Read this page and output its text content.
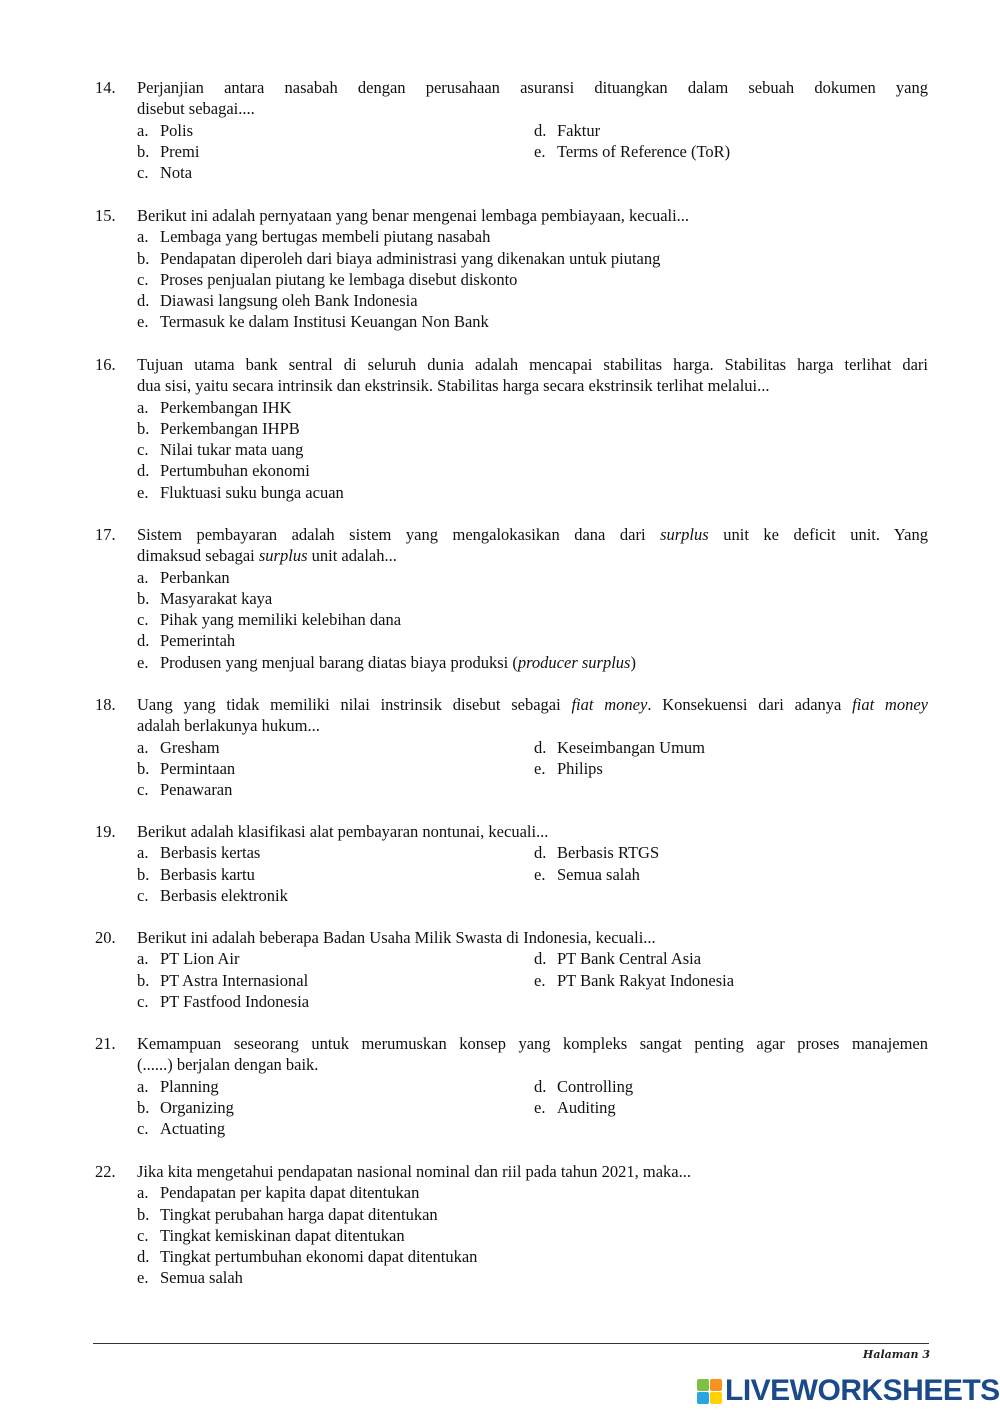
14.	Perjanjian antara nasabah dengan perusahaan asuransi dituangkan dalam sebuah dokumen yang
disebut sebagai....
a. Polis
b. Premi
c. Nota
d. Faktur
e. Terms of Reference (ToR)
15.	Berikut ini adalah pernyataan yang benar mengenai lembaga pembiayaan, kecuali...
a. Lembaga yang bertugas membeli piutang nasabah
b. Pendapatan diperoleh dari biaya administrasi yang dikenakan untuk piutang
c. Proses penjualan piutang ke lembaga disebut diskonto
d. Diawasi langsung oleh Bank Indonesia
e. Termasuk ke dalam Institusi Keuangan Non Bank
16.	Tujuan utama bank sentral di seluruh dunia adalah mencapai stabilitas harga. Stabilitas harga terlihat dari
dua sisi, yaitu secara intrinsik dan ekstrinsik. Stabilitas harga secara ekstrinsik terlihat melalui...
a. Perkembangan IHK
b. Perkembangan IHPB
c. Nilai tukar mata uang
d. Pertumbuhan ekonomi
e. Fluktuasi suku bunga acuan
17.	Sistem pembayaran adalah sistem yang mengalokasikan dana dari surplus unit ke deficit unit. Yang
dimaksud sebagai surplus unit adalah...
a. Perbankan
b. Masyarakat kaya
c. Pihak yang memiliki kelebihan dana
d. Pemerintah
e. Produsen yang menjual barang diatas biaya produksi (producer surplus)
18.	Uang yang tidak memiliki nilai instrinsik disebut sebagai fiat money. Konsekuensi dari adanya fiat money
adalah berlakunya hukum...
a. Gresham
b. Permintaan
c. Penawaran
d. Keseimbangan Umum
e. Philips
19.	Berikut adalah klasifikasi alat pembayaran nontunai, kecuali...
a. Berbasis kertas
b. Berbasis kartu
c. Berbasis elektronik
d. Berbasis RTGS
e. Semua salah
20.	Berikut ini adalah beberapa Badan Usaha Milik Swasta di Indonesia, kecuali...
a. PT Lion Air
b. PT Astra Internasional
c. PT Fastfood Indonesia
d. PT Bank Central Asia
e. PT Bank Rakyat Indonesia
21.	Kemampuan seseorang untuk merumuskan konsep yang kompleks sangat penting agar proses manajemen
(......) berjalan dengan baik.
a. Planning
b. Organizing
c. Actuating
d. Controlling
e. Auditing
22.	Jika kita mengetahui pendapatan nasional nominal dan riil pada tahun 2021, maka...
a. Pendapatan per kapita dapat ditentukan
b. Tingkat perubahan harga dapat ditentukan
c. Tingkat kemiskinan dapat ditentukan
d. Tingkat pertumbuhan ekonomi dapat ditentukan
e. Semua salah
Halaman 3
LIVEWORKSHEETS
